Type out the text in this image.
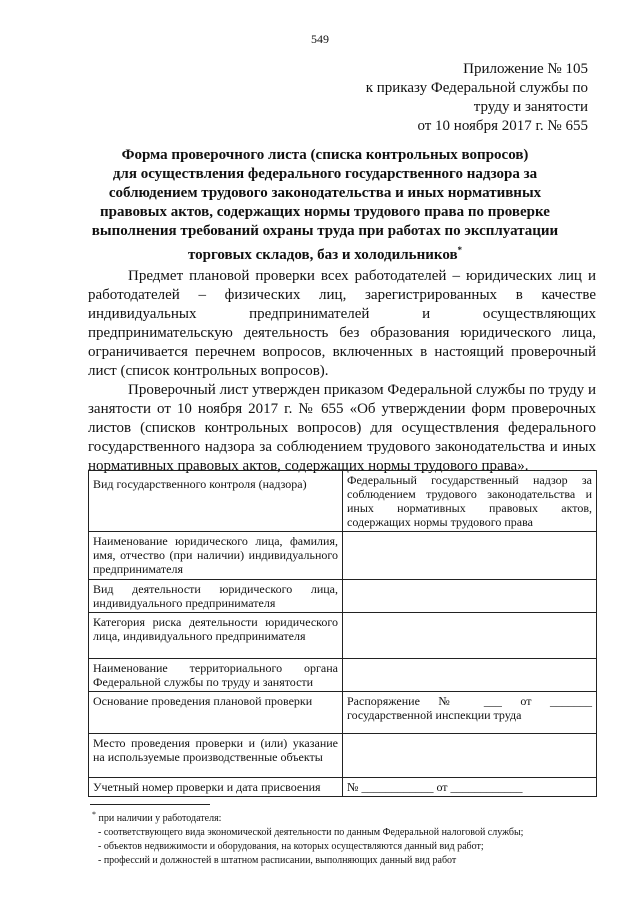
549
Приложение № 105
к приказу Федеральной службы по
труду и занятости
от 10 ноября 2017 г. № 655
Форма проверочного листа (списка контрольных вопросов)
для осуществления федерального государственного надзора за
соблюдением трудового законодательства и иных нормативных
правовых актов, содержащих нормы трудового права по проверке
выполнения требований охраны труда при работах по эксплуатации
торговых складов, баз и холодильников*

Предмет плановой проверки всех работодателей – юридических лиц и работодателей – физических лиц, зарегистрированных в качестве индивидуальных предпринимателей и осуществляющих предпринимательскую деятельность без образования юридического лица, ограничивается перечнем вопросов, включенных в настоящий проверочный лист (список контрольных вопросов).

Проверочный лист утвержден приказом Федеральной службы по труду и занятости от 10 ноября 2017 г. № 655 «Об утверждении форм проверочных листов (списков контрольных вопросов) для осуществления федерального государственного надзора за соблюдением трудового законодательства и иных нормативных правовых актов, содержащих нормы трудового права».

Вид государственного контроля (надзора)	Федеральный государственный надзор за соблюдением трудового законодательства и иных нормативных правовых актов, содержащих нормы трудового права
Наименование юридического лица, фамилия, имя, отчество (при наличии) индивидуального предпринимателя	
Вид деятельности юридического лица, индивидуального предпринимателя	
Категория риска деятельности юридического лица, индивидуального предпринимателя	
Наименование территориального органа Федеральной службы по труду и занятости	
Основание проведения плановой проверки	Распоряжение № ___ от _______ государственной инспекции труда
Место проведения проверки и (или) указание на используемые производственные объекты	
Учетный номер проверки и дата присвоения	№ ____________ от ____________
* при наличии у работодателя:
- соответствующего вида экономической деятельности по данным Федеральной налоговой службы;
- объектов недвижимости и оборудования, на которых осуществляются данный вид работ;
- профессий и должностей в штатном расписании, выполняющих данный вид работ
